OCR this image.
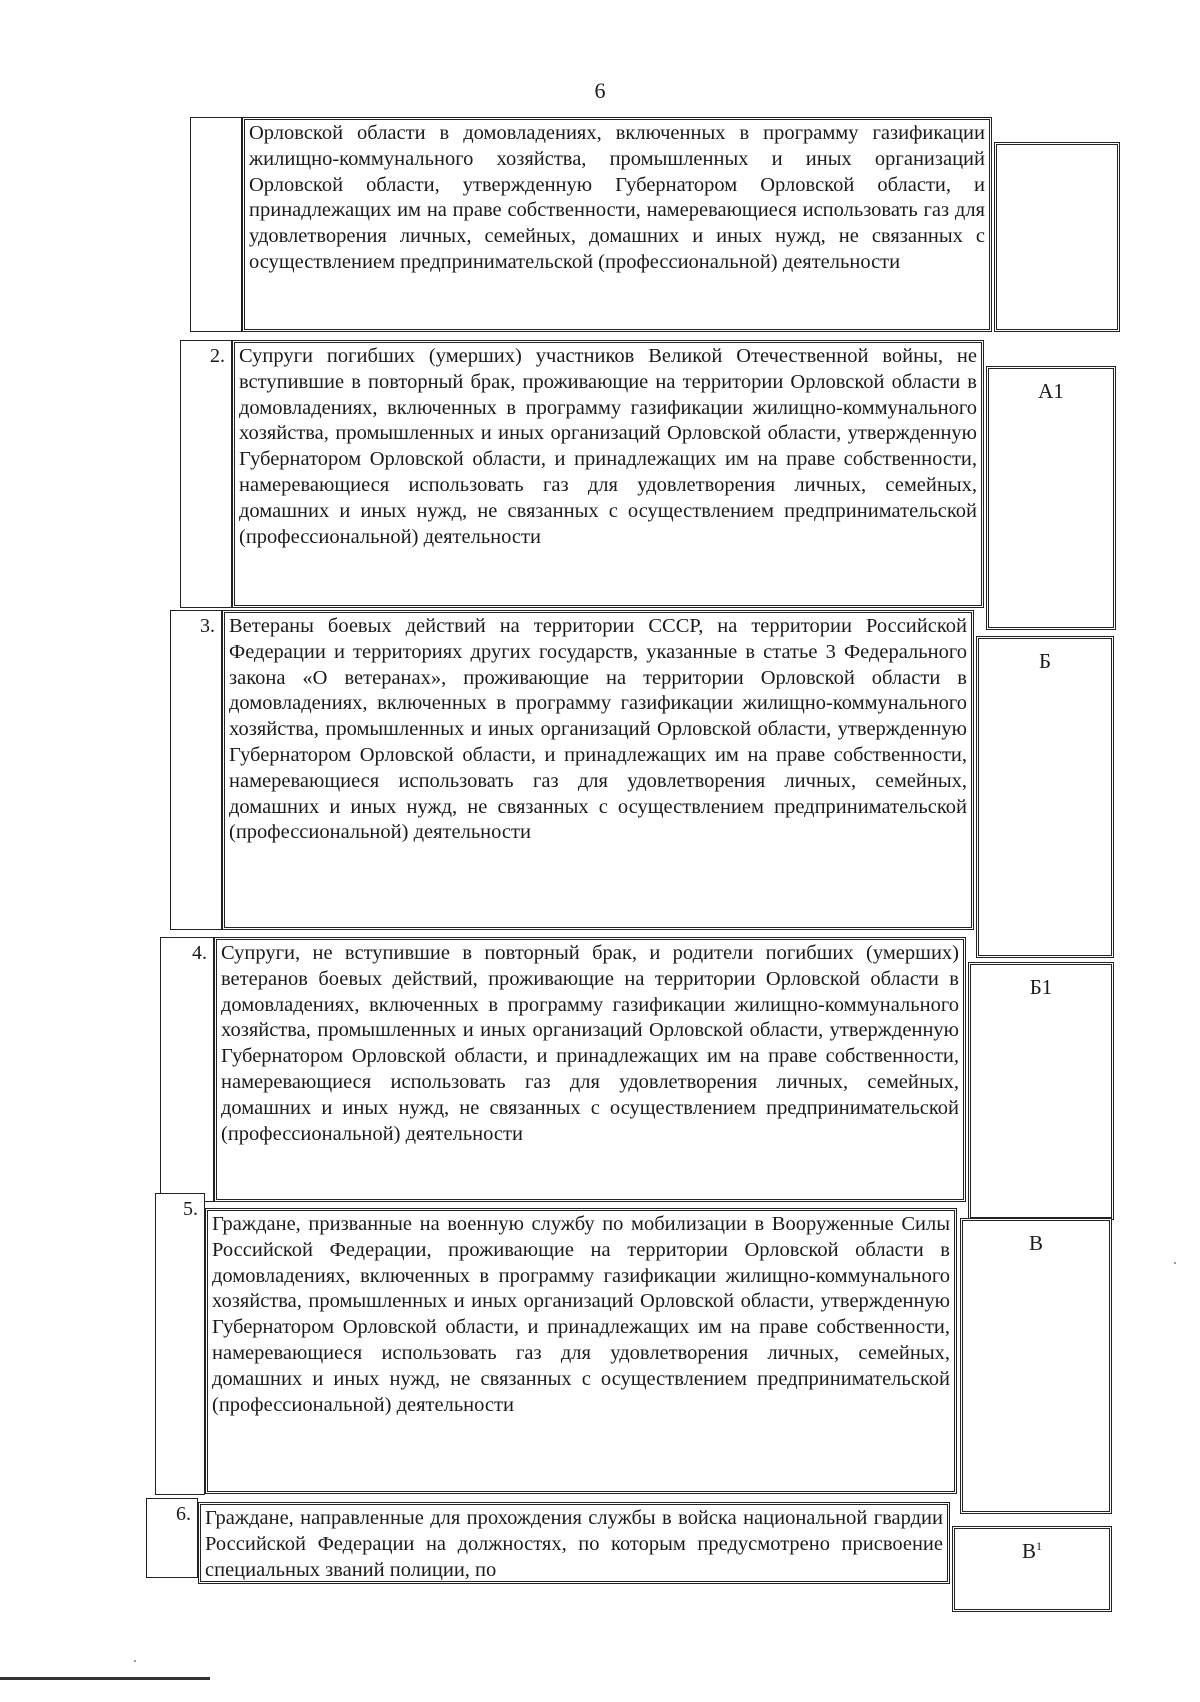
6
Орловской области в домовладениях, включенных в программу газификации жилищно-коммунального хозяйства, промышленных и иных организаций Орловской области, утвержденную Губернатором Орловской области, и принадлежащих им на праве собственности, намеревающиеся использовать газ для удовлетворения личных, семейных, домашних и иных нужд, не связанных с осуществлением предпринимательской (профессиональной) деятельности
2. Супруги погибших (умерших) участников Великой Отечественной войны, не вступившие в повторный брак, проживающие на территории Орловской области в домовладениях, включенных в программу газификации жилищно-коммунального хозяйства, промышленных и иных организаций Орловской области, утвержденную Губернатором Орловской области, и принадлежащих им на праве собственности, намеревающиеся использовать газ для удовлетворения личных, семейных, домашних и иных нужд, не связанных с осуществлением предпринимательской (профессиональной) деятельности
А1
3. Ветераны боевых действий на территории СССР, на территории Российской Федерации и территориях других государств, указанные в статье 3 Федерального закона «О ветеранах», проживающие на территории Орловской области в домовладениях, включенных в программу газификации жилищно-коммунального хозяйства, промышленных и иных организаций Орловской области, утвержденную Губернатором Орловской области, и принадлежащих им на праве собственности, намеревающиеся использовать газ для удовлетворения личных, семейных, домашних и иных нужд, не связанных с осуществлением предпринимательской (профессиональной) деятельности
Б
4. Супруги, не вступившие в повторный брак, и родители погибших (умерших) ветеранов боевых действий, проживающие на территории Орловской области в домовладениях, включенных в программу газификации жилищно-коммунального хозяйства, промышленных и иных организаций Орловской области, утвержденную Губернатором Орловской области, и принадлежащих им на праве собственности, намеревающиеся использовать газ для удовлетворения личных, семейных, домашних и иных нужд, не связанных с осуществлением предпринимательской (профессиональной) деятельности
Б1
5.
Граждане, призванные на военную службу по мобилизации в Вооруженные Силы Российской Федерации, проживающие на территории Орловской области в домовладениях, включенных в программу газификации жилищно-коммунального хозяйства, промышленных и иных организаций Орловской области, утвержденную Губернатором Орловской области, и принадлежащих им на праве собственности, намеревающиеся использовать газ для удовлетворения личных, семейных, домашних и иных нужд, не связанных с осуществлением предпринимательской (профессиональной) деятельности
В
6. Граждане, направленные для прохождения службы в войска национальной гвардии Российской Федерации на должностях, по которым предусмотрено присвоение специальных званий полиции, по
$В^1$
